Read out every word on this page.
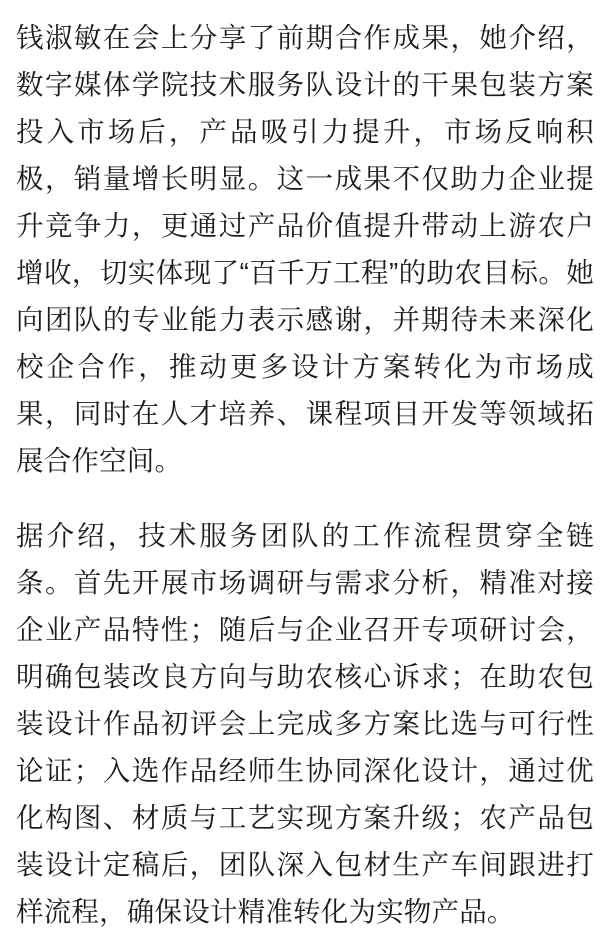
钱淑敏在会上分享了前期合作成果，她介绍，数字媒体学院技术服务队设计的干果包装方案投入市场后，产品吸引力提升，市场反响积极，销量增长明显。这一成果不仅助力企业提升竞争力，更通过产品价值提升带动上游农户增收，切实体现了“百千万工程”的助农目标。她向团队的专业能力表示感谢，并期待未来深化校企合作，推动更多设计方案转化为市场成果，同时在人才培养、课程项目开发等领域拓展合作空间。

据介绍，技术服务团队的工作流程贯穿全链条。首先开展市场调研与需求分析，精准对接企业产品特性；随后与企业召开专项研讨会，明确包装改良方向与助农核心诉求；在助农包装设计作品初评会上完成多方案比选与可行性论证；入选作品经师生协同深化设计，通过优化构图、材质与工艺实现方案升级；农产品包装设计定稿后，团队深入包材生产车间跟进打样流程，确保设计精准转化为实物产品。
